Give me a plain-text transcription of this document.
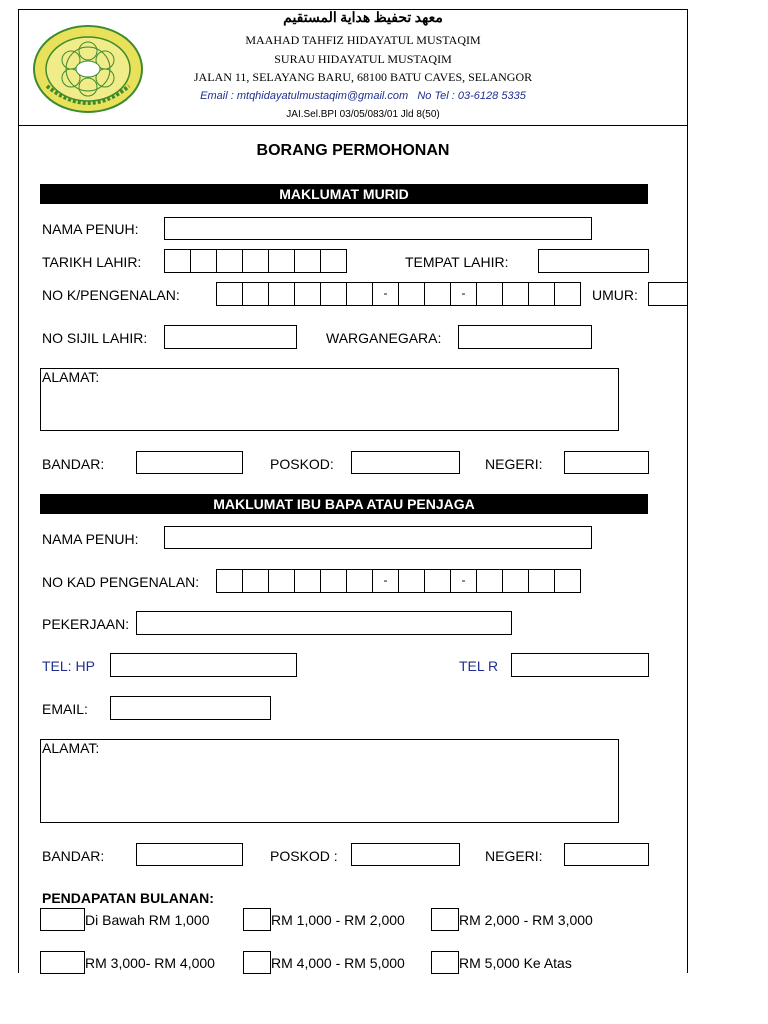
معهد تحفيظ هداية المستقيم
MAAHAD TAHFIZ HIDAYATUL MUSTAQIM
SURAU HIDAYATUL MUSTAQIM
JALAN 11, SELAYANG BARU, 68100 BATU CAVES, SELANGOR
Email : mtqhidayatulmustaqim@gmail.com   No Tel : 03-6128 5335
JAI.Sel.BPI 03/05/083/01 Jld 8(50)
BORANG PERMOHONAN
MAKLUMAT MURID
NAMA PENUH:
TARIKH LAHIR:	TEMPAT LAHIR:
NO K/PENGENALAN:	-	-	UMUR:
NO SIJIL LAHIR:	WARGANEGARA:
ALAMAT:
BANDAR:	POSKOD:	NEGERI:
MAKLUMAT IBU BAPA ATAU PENJAGA
NAMA PENUH:
NO KAD PENGENALAN:	-	-
PEKERJAAN:
TEL: HP	TEL R
EMAIL:
ALAMAT:
BANDAR:	POSKOD :	NEGERI:
PENDAPATAN BULANAN:
Di Bawah RM 1,000	RM 1,000 - RM 2,000	RM 2,000 - RM 3,000
RM 3,000- RM 4,000	RM 4,000 - RM 5,000	RM 5,000 Ke Atas
